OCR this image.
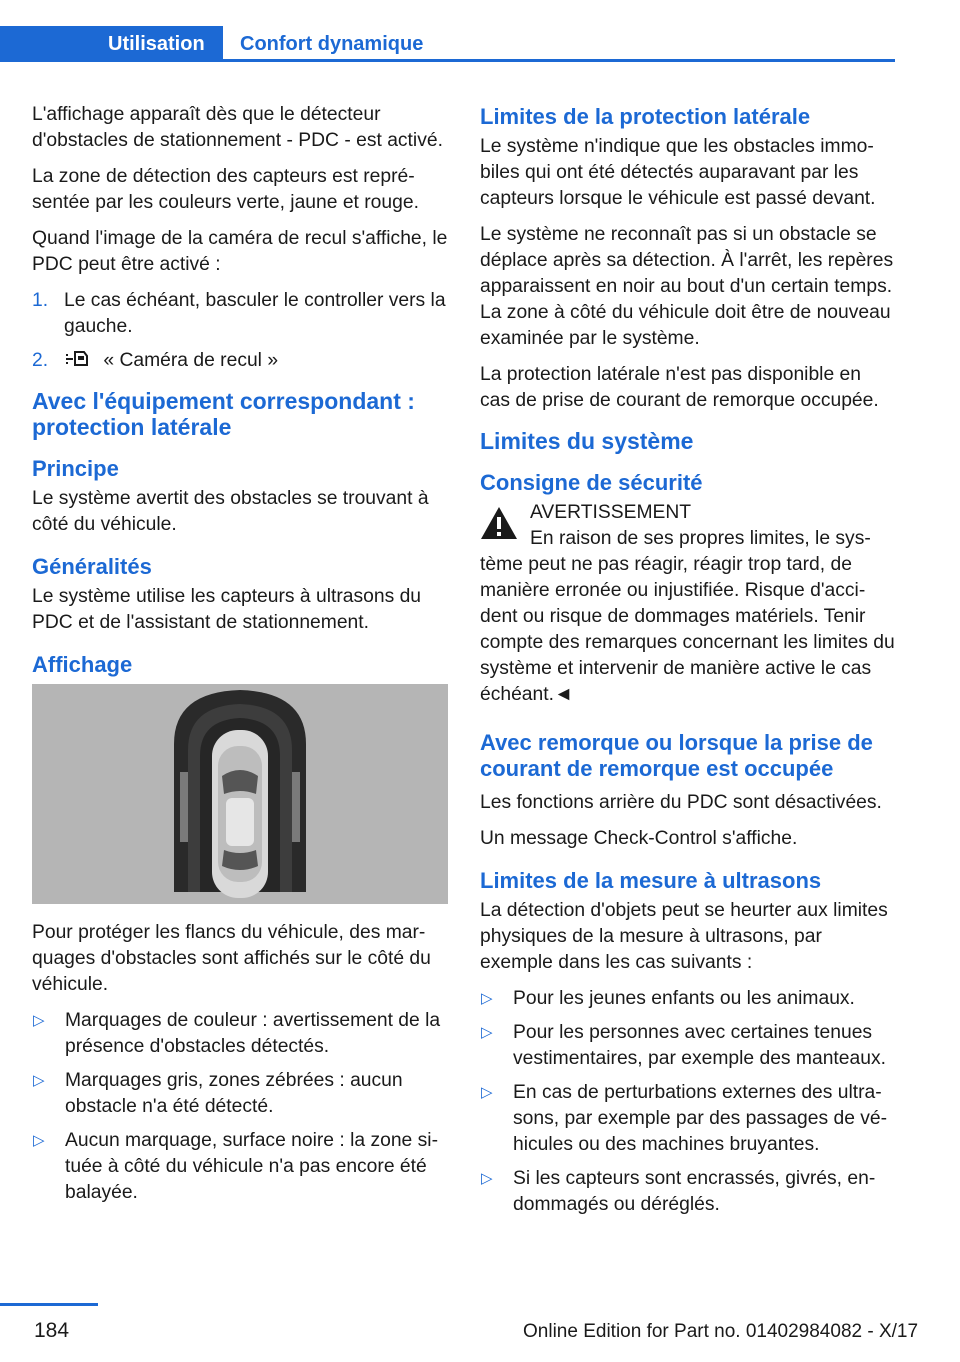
Utilisation	Confort dynamique

L'affichage apparaît dès que le détecteur d'obstacles de stationnement - PDC - est activé.

La zone de détection des capteurs est représentée par les couleurs verte, jaune et rouge.

Quand l'image de la caméra de recul s'affiche, le PDC peut être activé :

1. Le cas échéant, basculer le controller vers la gauche.
2.	« Caméra de recul »
Avec l'équipement correspondant : protection latérale
Principe

Le système avertit des obstacles se trouvant à côté du véhicule.

Généralités

Le système utilise les capteurs à ultrasons du PDC et de l'assistant de stationnement.

Affichage

Pour protéger les flancs du véhicule, des marquages d'obstacles sont affichés sur le côté du véhicule.

▷ Marquages de couleur : avertissement de la présence d'obstacles détectés.
▷ Marquages gris, zones zébrées : aucun obstacle n'a été détecté.
▷ Aucun marquage, surface noire : la zone située à côté du véhicule n'a pas encore été balayée.
Limites de la protection latérale

Le système n'indique que les obstacles immobiles qui ont été détectés auparavant par les capteurs lorsque le véhicule est passé devant.

Le système ne reconnaît pas si un obstacle se déplace après sa détection. À l'arrêt, les repères apparaissent en noir au bout d'un certain temps. La zone à côté du véhicule doit être de nouveau examinée par le système.

La protection latérale n'est pas disponible en cas de prise de courant de remorque occupée.

Limites du système
Consigne de sécurité
AVERTISSEMENT
En raison de ses propres limites, le système peut ne pas réagir, réagir trop tard, de manière erronée ou injustifiée. Risque d'accident ou risque de dommages matériels. Tenir compte des remarques concernant les limites du système et intervenir de manière active le cas échéant.◄
Avec remorque ou lorsque la prise de courant de remorque est occupée

Les fonctions arrière du PDC sont désactivées.

Un message Check-Control s'affiche.

Limites de la mesure à ultrasons

La détection d'objets peut se heurter aux limites physiques de la mesure à ultrasons, par exemple dans les cas suivants :

▷ Pour les jeunes enfants ou les animaux.
▷ Pour les personnes avec certaines tenues vestimentaires, par exemple des manteaux.
▷ En cas de perturbations externes des ultrasons, par exemple par des passages de véhicules ou des machines bruyantes.
▷ Si les capteurs sont encrassés, givrés, endommagés ou déréglés.
184	Online Edition for Part no. 01402984082 - X/17
